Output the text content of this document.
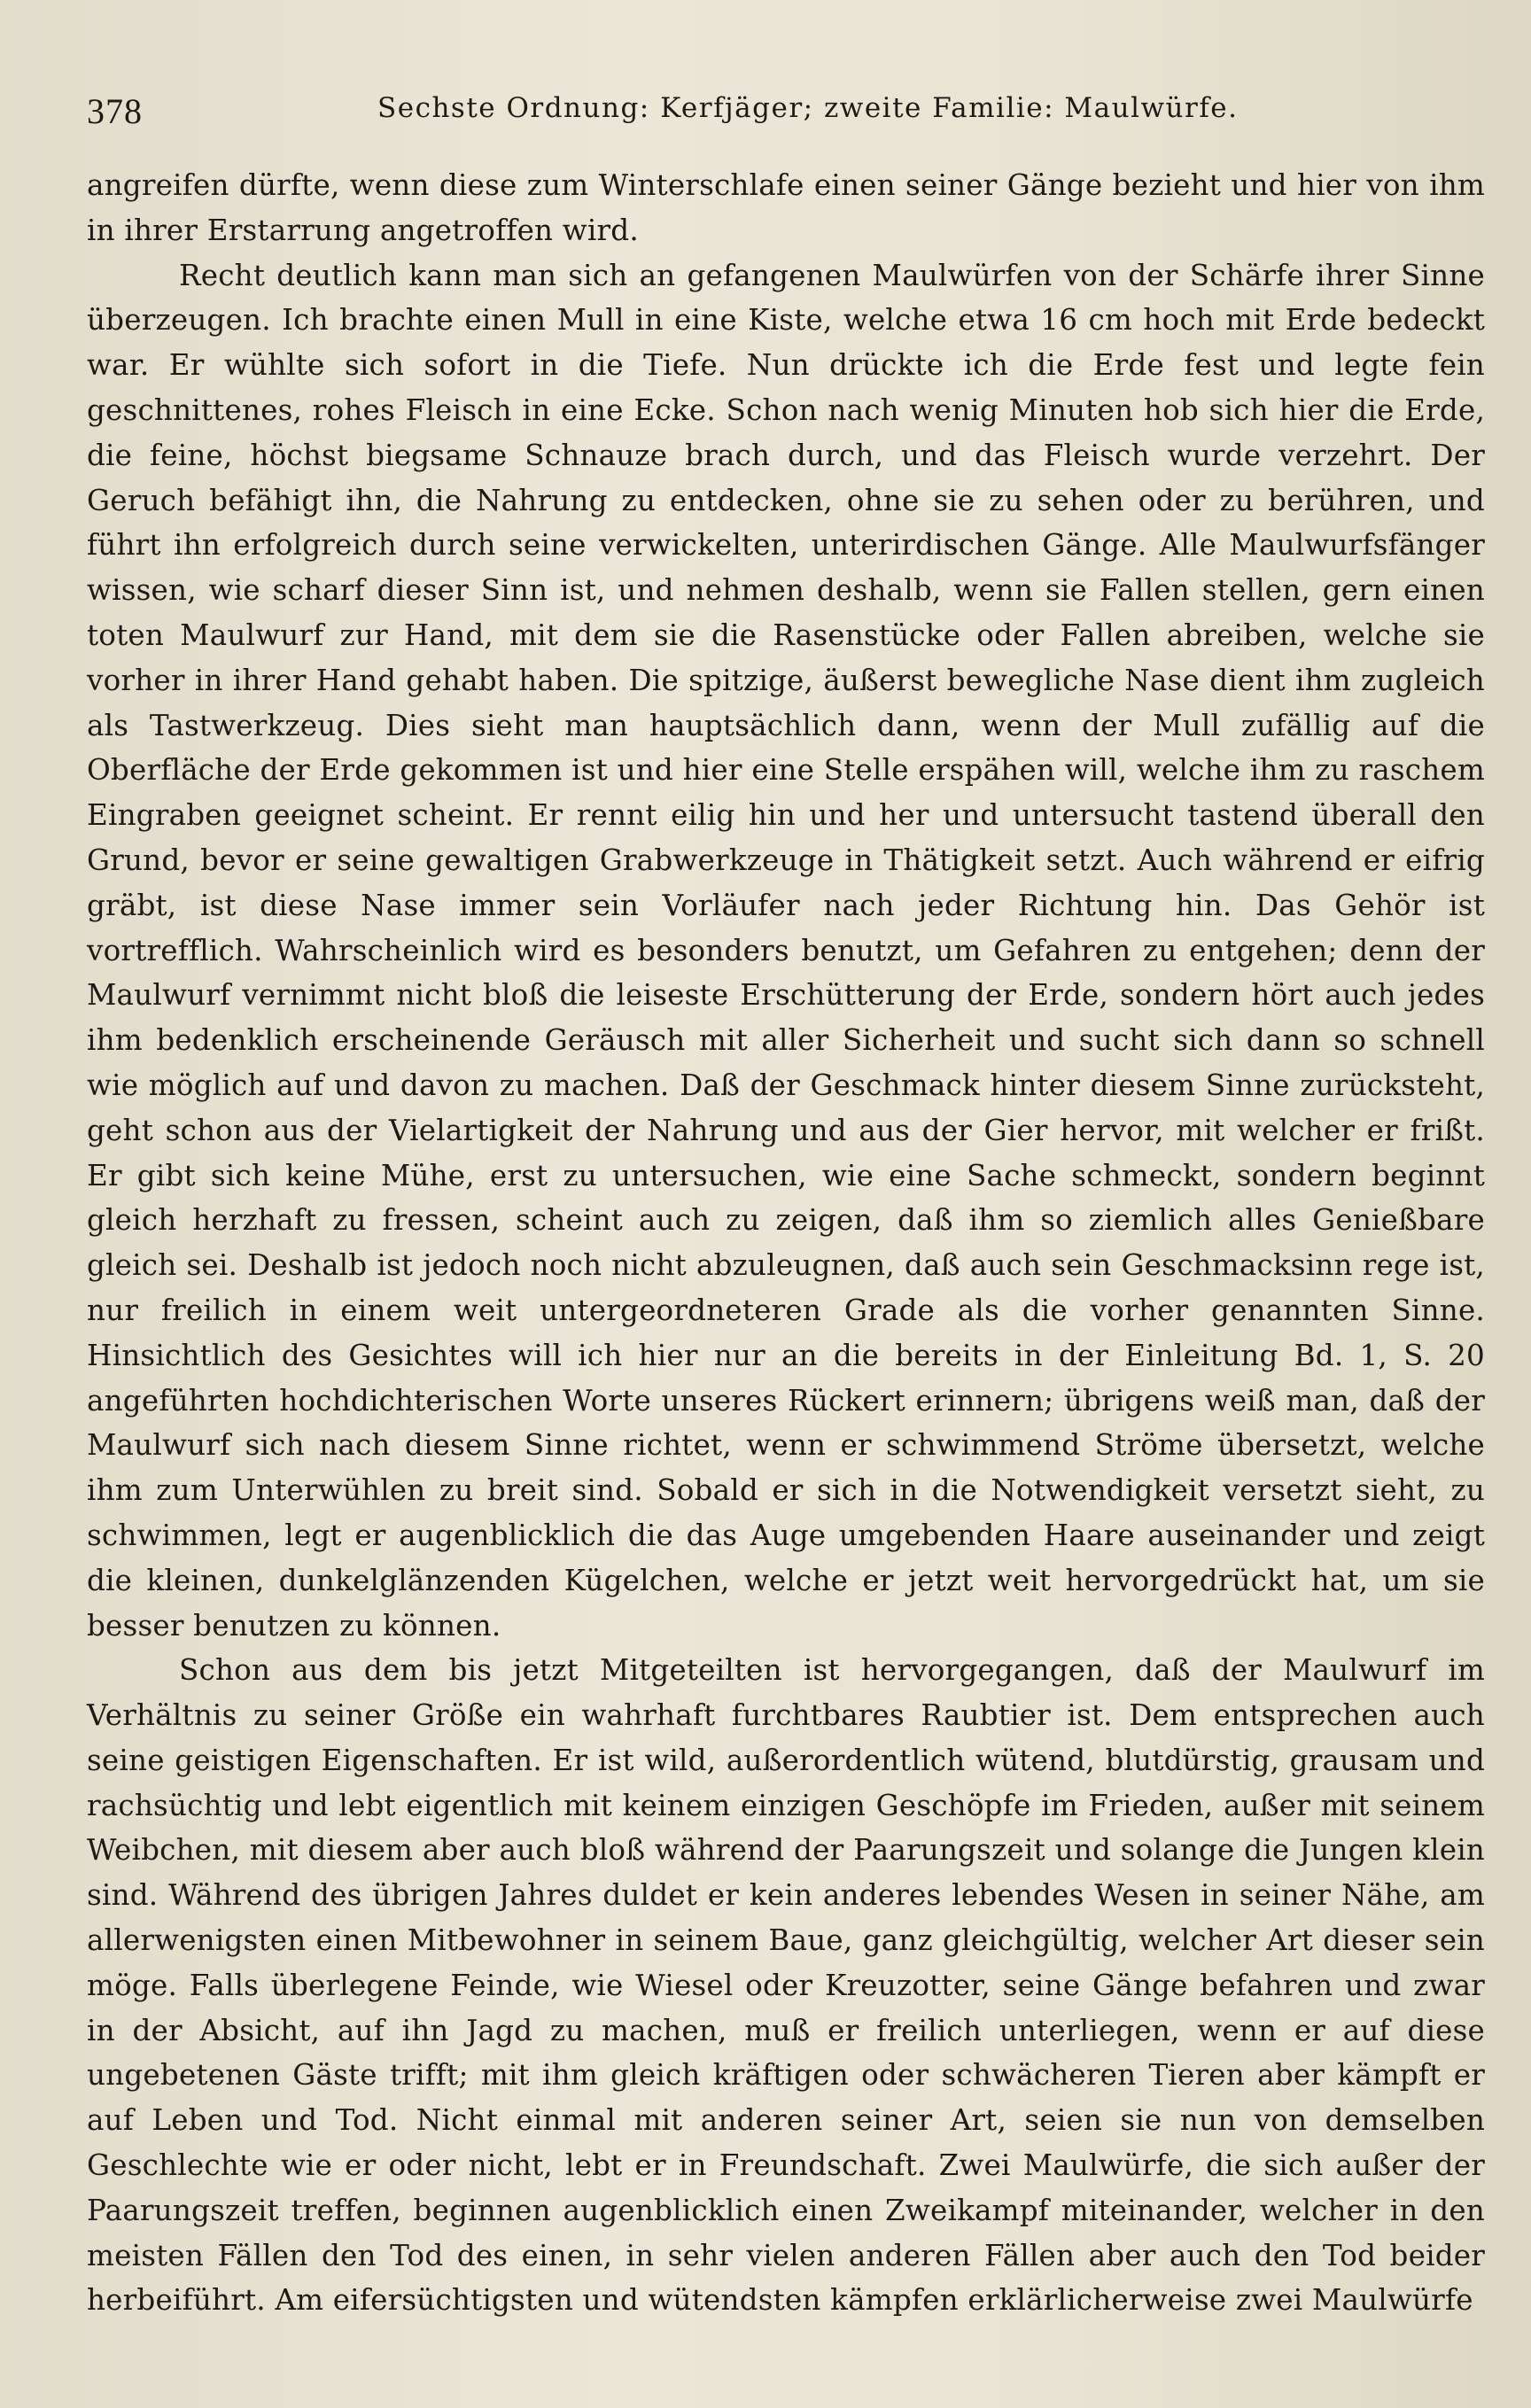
378	Sechste Ordnung: Kerfjäger; zweite Familie: Maulwürfe.

angreifen dürfte, wenn diese zum Winterschlafe einen seiner Gänge bezieht und hier von ihm in ihrer Erstarrung angetroffen wird.

Recht deutlich kann man sich an gefangenen Maulwürfen von der Schärfe ihrer Sinne überzeugen. Ich brachte einen Mull in eine Kiste, welche etwa 16 cm hoch mit Erde bedeckt war. Er wühlte sich sofort in die Tiefe. Nun drückte ich die Erde fest und legte fein geschnittenes, rohes Fleisch in eine Ecke. Schon nach wenig Minuten hob sich hier die Erde, die feine, höchst biegsame Schnauze brach durch, und das Fleisch wurde verzehrt. Der Geruch befähigt ihn, die Nahrung zu entdecken, ohne sie zu sehen oder zu berühren, und führt ihn erfolgreich durch seine verwickelten, unterirdischen Gänge. Alle Maulwurfsfänger wissen, wie scharf dieser Sinn ist, und nehmen deshalb, wenn sie Fallen stellen, gern einen toten Maulwurf zur Hand, mit dem sie die Rasenstücke oder Fallen abreiben, welche sie vorher in ihrer Hand gehabt haben. Die spitzige, äußerst bewegliche Nase dient ihm zugleich als Tastwerkzeug. Dies sieht man hauptsächlich dann, wenn der Mull zufällig auf die Oberfläche der Erde gekommen ist und hier eine Stelle erspähen will, welche ihm zu raschem Eingraben geeignet scheint. Er rennt eilig hin und her und untersucht tastend überall den Grund, bevor er seine gewaltigen Grabwerkzeuge in Thätigkeit setzt. Auch während er eifrig gräbt, ist diese Nase immer sein Vorläufer nach jeder Richtung hin. Das Gehör ist vortrefflich. Wahrscheinlich wird es besonders benutzt, um Gefahren zu entgehen; denn der Maulwurf vernimmt nicht bloß die leiseste Erschütterung der Erde, sondern hört auch jedes ihm bedenklich erscheinende Geräusch mit aller Sicherheit und sucht sich dann so schnell wie möglich auf und davon zu machen. Daß der Geschmack hinter diesem Sinne zurücksteht, geht schon aus der Vielartigkeit der Nahrung und aus der Gier hervor, mit welcher er frißt. Er gibt sich keine Mühe, erst zu untersuchen, wie eine Sache schmeckt, sondern beginnt gleich herzhaft zu fressen, scheint auch zu zeigen, daß ihm so ziemlich alles Genießbare gleich sei. Deshalb ist jedoch noch nicht abzuleugnen, daß auch sein Geschmacksinn rege ist, nur freilich in einem weit untergeordneteren Grade als die vorher genannten Sinne. Hinsichtlich des Gesichtes will ich hier nur an die bereits in der Einleitung Bd. 1, S. 20 angeführten hochdichterischen Worte unseres Rückert erinnern; übrigens weiß man, daß der Maulwurf sich nach diesem Sinne richtet, wenn er schwimmend Ströme übersetzt, welche ihm zum Unterwühlen zu breit sind. Sobald er sich in die Notwendigkeit versetzt sieht, zu schwimmen, legt er augenblicklich die das Auge umgebenden Haare auseinander und zeigt die kleinen, dunkelglänzenden Kügelchen, welche er jetzt weit hervorgedrückt hat, um sie besser benutzen zu können.

Schon aus dem bis jetzt Mitgeteilten ist hervorgegangen, daß der Maulwurf im Verhältnis zu seiner Größe ein wahrhaft furchtbares Raubtier ist. Dem entsprechen auch seine geistigen Eigenschaften. Er ist wild, außerordentlich wütend, blutdürstig, grausam und rachsüchtig und lebt eigentlich mit keinem einzigen Geschöpfe im Frieden, außer mit seinem Weibchen, mit diesem aber auch bloß während der Paarungszeit und solange die Jungen klein sind. Während des übrigen Jahres duldet er kein anderes lebendes Wesen in seiner Nähe, am allerwenigsten einen Mitbewohner in seinem Baue, ganz gleichgültig, welcher Art dieser sein möge. Falls überlegene Feinde, wie Wiesel oder Kreuzotter, seine Gänge befahren und zwar in der Absicht, auf ihn Jagd zu machen, muß er freilich unterliegen, wenn er auf diese ungebetenen Gäste trifft; mit ihm gleich kräftigen oder schwächeren Tieren aber kämpft er auf Leben und Tod. Nicht einmal mit anderen seiner Art, seien sie nun von demselben Geschlechte wie er oder nicht, lebt er in Freundschaft. Zwei Maulwürfe, die sich außer der Paarungszeit treffen, beginnen augenblicklich einen Zweikampf miteinander, welcher in den meisten Fällen den Tod des einen, in sehr vielen anderen Fällen aber auch den Tod beider herbeiführt. Am eifersüchtigsten und wütendsten kämpfen erklärlicherweise zwei Maulwürfe
